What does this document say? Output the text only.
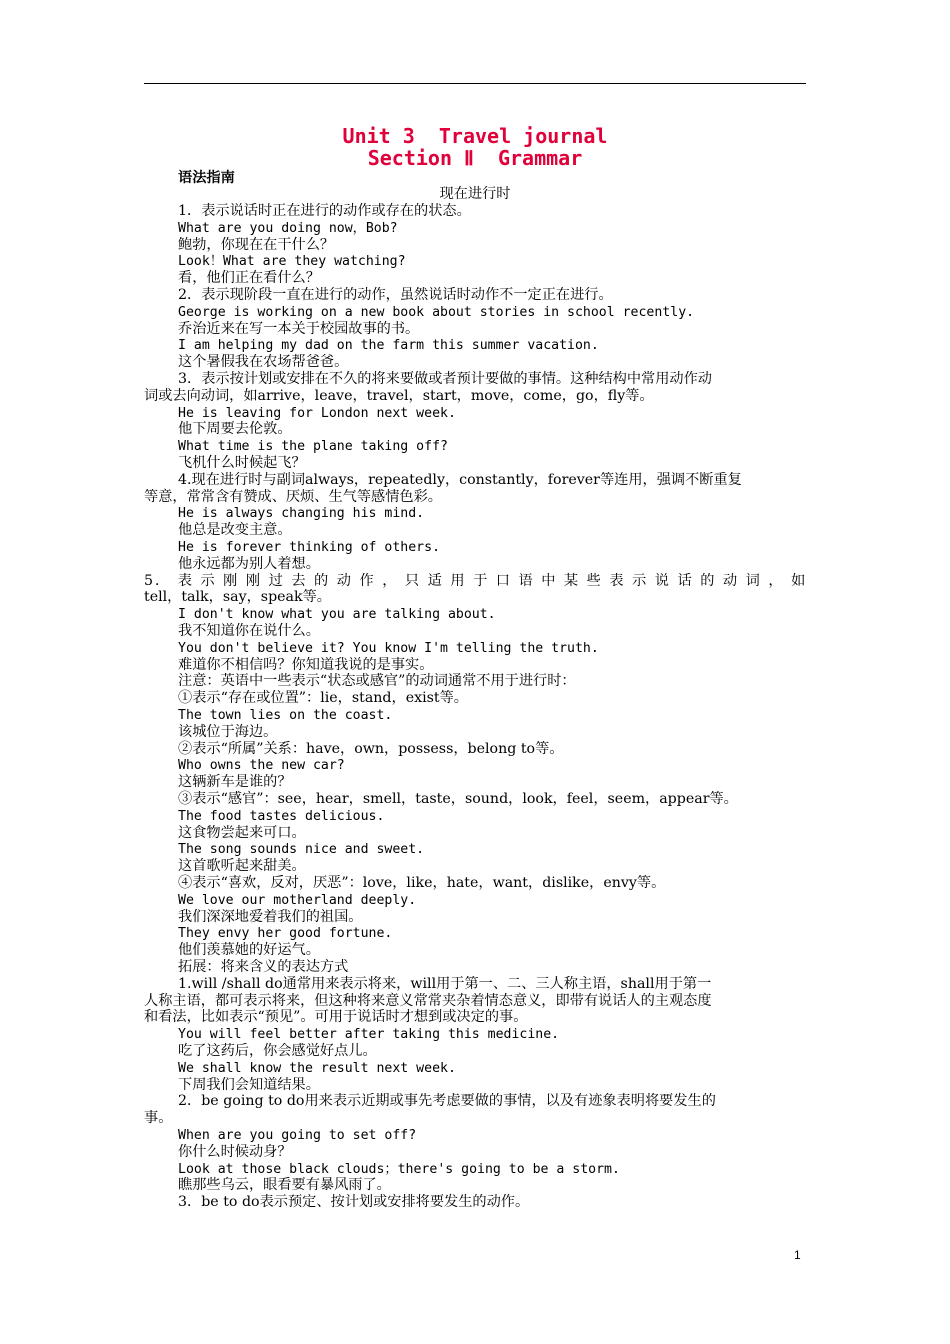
Unit 3  Travel journal
Section Ⅱ  Grammar
语法指南
现在进行时
1．表示说话时正在进行的动作或存在的状态。
What are you doing now，Bob?
鲍勃，你现在在干什么？
Look！What are they watching?
看，他们正在看什么？
2．表示现阶段一直在进行的动作，虽然说话时动作不一定正在进行。
George is working on a new book about stories in school recently.
乔治近来在写一本关于校园故事的书。
I am helping my dad on the farm this summer vacation.
这个暑假我在农场帮爸爸。
3．表示按计划或安排在不久的将来要做或者预计要做的事情。这种结构中常用动作动
词或去向动词，如arrive，leave，travel，start，move，come，go，fly等。
He is leaving for London next week.
他下周要去伦敦。
What time is the plane taking off?
飞机什么时候起飞？
4.现在进行时与副词always，repeatedly，constantly，forever等连用，强调不断重复
等意，常常含有赞成、厌烦、生气等感情色彩。
He is always changing his mind.
他总是改变主意。
He is forever thinking of others.
他永远都为别人着想。
5． 表 示 刚 刚 过 去 的 动 作 ， 只 适 用 于 口 语 中 某 些 表 示 说 话 的 动 词 ， 如
tell，talk，say，speak等。
I don't know what you are talking about.
我不知道你在说什么。
You don't believe it? You know I'm telling the truth.
难道你不相信吗？你知道我说的是事实。
注意：英语中一些表示“状态或感官”的动词通常不用于进行时：
①表示“存在或位置”：lie，stand，exist等。
The town lies on the coast.
该城位于海边。
②表示“所属”关系：have，own，possess，belong to等。
Who owns the new car?
这辆新车是谁的？
③表示“感官”：see，hear，smell，taste，sound，look，feel，seem，appear等。
The food tastes delicious.
这食物尝起来可口。
The song sounds nice and sweet.
这首歌听起来甜美。
④表示“喜欢，反对，厌恶”：love，like，hate，want，dislike，envy等。
We love our motherland deeply.
我们深深地爱着我们的祖国。
They envy her good fortune.
他们羡慕她的好运气。
拓展：将来含义的表达方式
1.will /shall do通常用来表示将来，will用于第一、二、三人称主语，shall用于第一
人称主语，都可表示将来，但这种将来意义常常夹杂着情态意义，即带有说话人的主观态度
和看法，比如表示“预见”。可用于说话时才想到或决定的事。
You will feel better after taking this medicine.
吃了这药后，你会感觉好点儿。
We shall know the result next week.
下周我们会知道结果。
2．be going to do用来表示近期或事先考虑要做的事情，以及有迹象表明将要发生的
事。
When are you going to set off?
你什么时候动身？
Look at those black clouds；there's going to be a storm.
瞧那些乌云，眼看要有暴风雨了。
3．be to do表示预定、按计划或安排将要发生的动作。
1
